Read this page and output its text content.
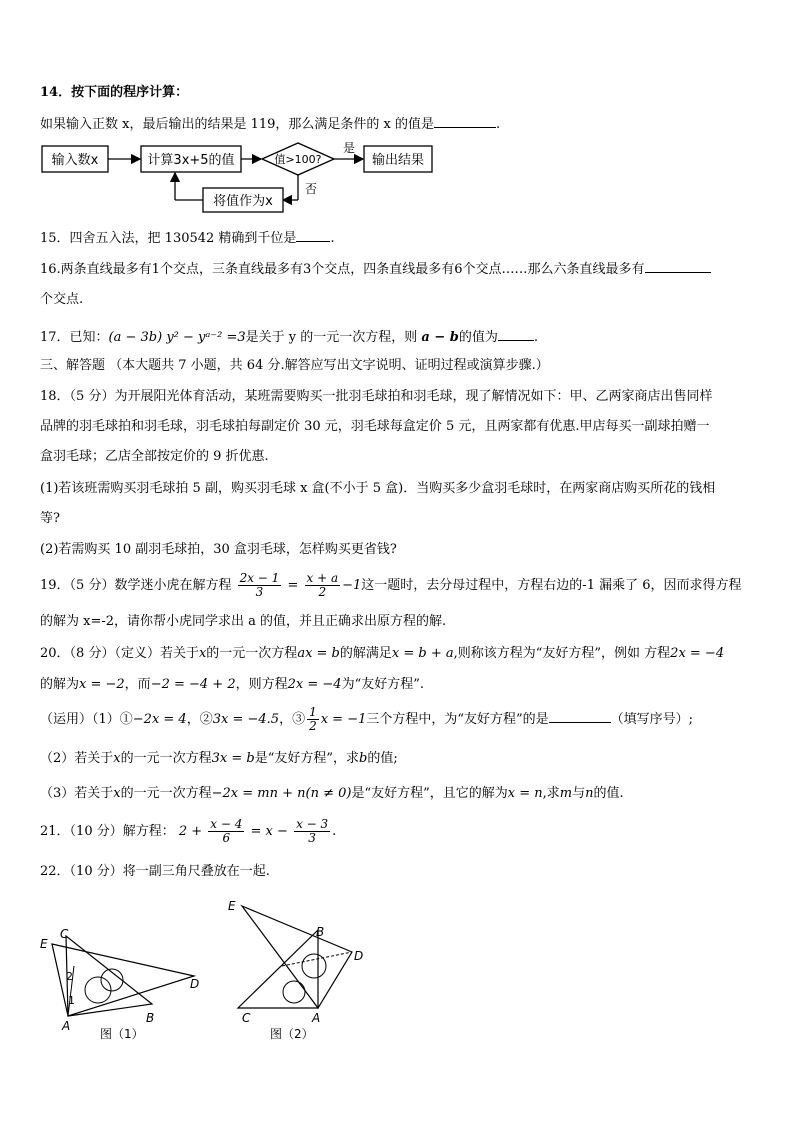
14．按下面的程序计算：
如果输入正数 x，最后输出的结果是 119，那么满足条件的 x 的值是	.
输入数x	计算3x+5的值	值>100?
是
输出结果
否
将值作为x
15．四舍五入法，把 130542 精确到千位是	.
16.两条直线最多有1个交点，三条直线最多有3个交点，四条直线最多有6个交点……那么六条直线最多有
个交点.
17．已知：(a − 3b) y² − yᵃ⁻² =3是关于 y 的一元一次方程，则 a − b的值为	.
三、解答题 （本大题共 7 小题，共 64 分.解答应写出文字说明、证明过程或演算步骤.）
18．（5 分）为开展阳光体育活动，某班需要购买一批羽毛球拍和羽毛球，现了解情况如下：甲、乙两家商店出售同样
品牌的羽毛球拍和羽毛球，羽毛球拍每副定价 30 元，羽毛球每盒定价 5 元，且两家都有优惠.甲店每买一副球拍赠一
盒羽毛球；乙店全部按定价的 9 折优惠.
(1)若该班需购买羽毛球拍 5 副，购买羽毛球 x 盒(不小于 5 盒)．当购买多少盒羽毛球时，在两家商店购买所花的钱相
等?
(2)若需购买 10 副羽毛球拍，30 盒羽毛球，怎样购买更省钱?
19．（5 分）数学迷小虎在解方程 $\frac{2x - 1}{3} = \frac{x + a}{2} -1$这一题时，去分母过程中，方程右边的-1 漏乘了 6，因而求得方程
的解为 x=-2，请你帮小虎同学求出 a 的值，并且正确求出原方程的解.
20．（8 分）（定义）若关于x的一元一次方程ax = b的解满足x = b + a,则称该方程为“友好方程”，例如 方程2x = −4
的解为x = −2，而−2 = −4 + 2，则方程2x = −4为“友好方程”.
（运用）（1）①−2x = 4，②3x = −4.5，③ $\frac{1}{2}$ x = −1三个方程中，为“友好方程”的是	（填写序号）;
（2）若关于x的一元一次方程3x = b是“友好方程”，求b的值;
（3）若关于x的一元一次方程−2x = mn + n(n ≠ 0)是“友好方程”，且它的解为x = n,求m与n的值.
21．（10 分）解方程： $2 + \frac{x - 4}{6} = x - \frac{x - 3}{3}$ .
22．（10 分）将一副三角尺叠放在一起.
E
C
D
A
B
2
1
图（1）
E
B
D
C	A
图（2）
